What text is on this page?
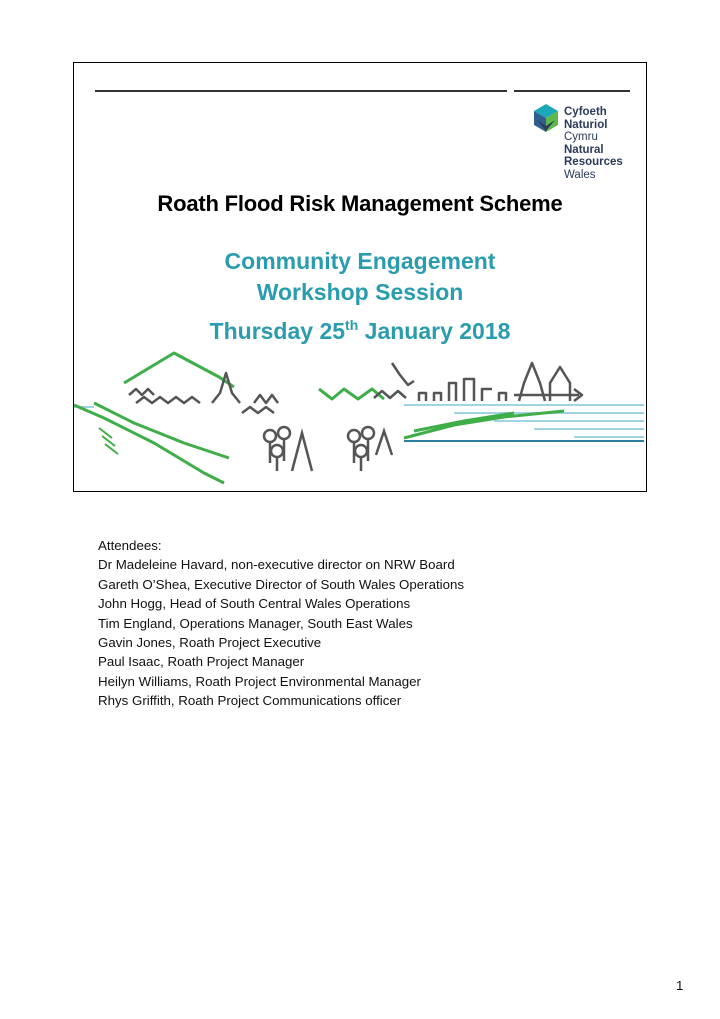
Cyfoeth
Naturiol
Cymru
Natural
Resources
Wales
Roath Flood Risk Management Scheme
Community Engagement
Workshop Session
Thursday 25th January 2018
Attendees:
Dr Madeleine Havard, non-executive director on NRW Board
Gareth O’Shea, Executive Director of South Wales Operations
John Hogg, Head of South Central Wales Operations
Tim England, Operations Manager, South East Wales
Gavin Jones, Roath Project Executive
Paul Isaac, Roath Project Manager
Heilyn Williams, Roath Project Environmental Manager
Rhys Griffith, Roath Project Communications officer
1
